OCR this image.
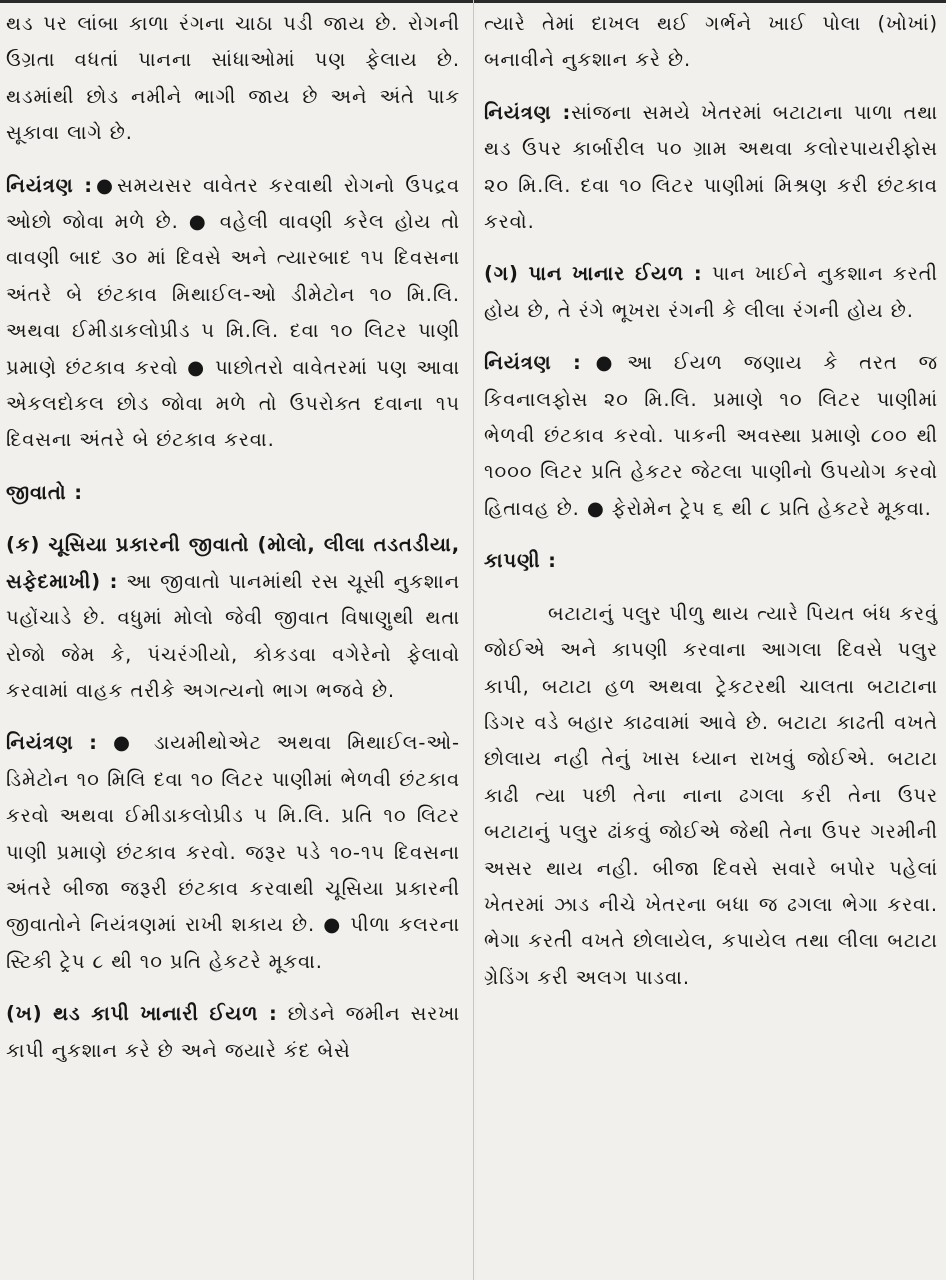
થડ પર લાંબા કાળા રંગના ચાઠા પડી જાય છે. રોગની ઉગ્રતા વધતાં પાનના સાંધાઓમાં પણ ફેલાય છે. થડમાંથી છોડ નમીને ભાગી જાય છે અને અંતે પાક સૂકાવા લાગે છે.

નિયંત્રણ :●સમયસર વાવેતર કરવાથી રોગનો ઉપદ્રવ ઓછો જોવા મળે છે. ● વહેલી વાવણી કરેલ હોય તો વાવણી બાદ ૩૦ માં દિવસે અને ત્યારબાદ ૧૫ દિવસના અંતરે બે છંટકાવ મિથાઈલ-ઓ ડીમેટોન ૧૦ મિ.લિ. અથવા ઈમીડાકલોપ્રીડ ૫ મિ.લિ. દવા ૧૦ લિટર પાણી પ્રમાણે છંટકાવ કરવો ● પાછોતરો વાવેતરમાં પણ આવા એકલદોકલ છોડ જોવા મળે તો ઉપરોક્ત દવાના ૧૫ દિવસના અંતરે બે છંટકાવ કરવા.

જીવાતો :

(ક) ચૂસિયા પ્રકારની જીવાતો (મોલો, લીલા તડતડીયા, સફેદમાખી) : આ જીવાતો પાનમાંથી રસ ચૂસી નુકશાન પહોંચાડે છે. વધુમાં મોલો જેવી જીવાત વિષાણુથી થતા રોજો જેમ કે, પંચરંગીયો, કોકડવા વગેરેનો ફેલાવો કરવામાં વાહક તરીકે અગત્યનો ભાગ ભજવે છે.

નિયંત્રણ : ● ડાયમીથોએટ અથવા મિથાઈલ-ઓ-ડિમેટોન ૧૦ મિલિ દવા ૧૦ લિટર પાણીમાં ભેળવી છંટકાવ કરવો અથવા ઈમીડાકલોપ્રીડ ૫ મિ.લિ. પ્રતિ ૧૦ લિટર પાણી પ્રમાણે છંટકાવ કરવો. જરૂર પડે ૧૦-૧૫ દિવસના અંતરે બીજા જરૂરી છંટકાવ કરવાથી ચૂસિયા પ્રકારની જીવાતોને નિયંત્રણમાં રાખી શકાય છે. ● પીળા કલરના સ્ટિકી ટ્રેપ ૮ થી ૧૦ પ્રતિ હેકટરે મૂકવા.

(ખ) થડ કાપી ખાનારી ઈયળ : છોડને જમીન સરખા કાપી નુકશાન કરે છે અને જયારે કંદ બેસે

ત્યારે તેમાં દાખલ થઈ ગર્ભને ખાઈ પોલા (ખોખાં) બનાવીને નુકશાન કરે છે.

નિયંત્રણ :સાંજના સમયે ખેતરમાં બટાટાના પાળા તથા થડ ઉપર કાર્બારીલ ૫૦ ગ્રામ અથવા કલોરપાયરીફોસ ૨૦ મિ.લિ. દવા ૧૦ લિટર પાણીમાં મિશ્રણ કરી છંટકાવ કરવો.

(ગ) પાન ખાનાર ઈયળ : પાન ખાઈને નુકશાન કરતી હોય છે, તે રંગે ભૂખરા રંગની કે લીલા રંગની હોય છે.

નિયંત્રણ :●આ ઈયળ જણાય કે તરત જ કિવનાલફોસ ૨૦ મિ.લિ. પ્રમાણે ૧૦ લિટર પાણીમાં ભેળવી છંટકાવ કરવો. પાકની અવસ્થા પ્રમાણે ૮૦૦ થી ૧૦૦૦ લિટર પ્રતિ હેકટર જેટલા પાણીનો ઉપયોગ કરવો હિતાવહ છે. ● ફેરોમેન ટ્રેપ ૬ થી ૮ પ્રતિ હેકટરે મૂકવા.

કાપણી :

બટાટાનું પલુર પીળુ થાય ત્યારે પિયત બંધ કરવું જોઈએ અને કાપણી કરવાના આગલા દિવસે પલુર કાપી, બટાટા હળ અથવા ટ્રેકટરથી ચાલતા બટાટાના ડિગર વડે બહાર કાઢવામાં આવે છે. બટાટા કાઢતી વખતે છોલાય નહી તેનું ખાસ ધ્યાન રાખવું જોઈએ. બટાટા કાઢી ત્યા પછી તેના નાના ઢગલા કરી તેના ઉપર બટાટાનું પલુર ઢાંકવું જોઈએ જેથી તેના ઉપર ગરમીની અસર થાય નહી. બીજા દિવસે સવારે બપોર પહેલાં ખેતરમાં ઝાડ નીચે ખેતરના બધા જ ઢગલા ભેગા કરવા. ભેગા કરતી વખતે છોલાયેલ, કપાયેલ તથા લીલા બટાટા ગ્રેડિંગ કરી અલગ પાડવા.
